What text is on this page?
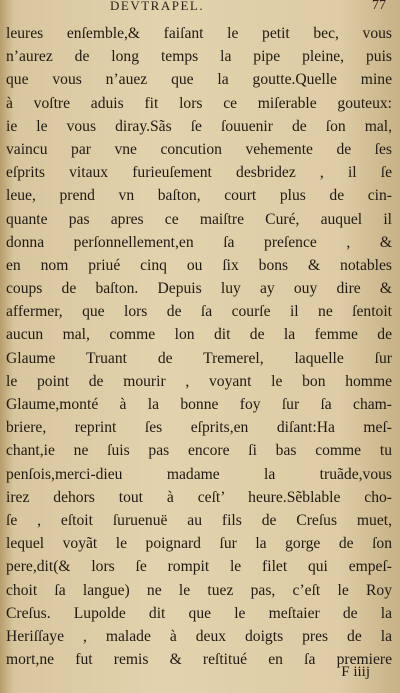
DEVTRAPEL.	77
leures enſemble,& faiſant le petit bec, vous
n’aurez de long temps la pipe pleine, puis
que vous n’auez que la goutte.Quelle mine
à voſtre aduis fit lors ce miſerable gouteux:
ie le vous diray.Sãs ſe ſouuenir de ſon mal,
vaincu par vne concution vehemente de ſes
eſprits vitaux furieuſement desbridez , il ſe
leue, prend vn baſton, court plus de cin-
quante pas apres ce maiſtre Curé, auquel il
donna perſonnellement,en ſa preſence , &
en nom priué cinq ou ſix bons & notables
coups de baſton. Depuis luy ay ouy dire &
affermer, que lors de ſa courſe il ne ſentoit
aucun mal, comme lon dit de la femme de
Glaume Truant de Tremerel, laquelle ſur
le point de mourir , voyant le bon homme
Glaume,monté à la bonne foy ſur ſa cham-
briere, reprint ſes eſprits,en diſant:Ha meſ-
chant,ie ne ſuis pas encore ſi bas comme tu
penſois,merci-dieu madame la truãde,vous
irez dehors tout à ceſt’ heure.Sẽblable cho-
ſe , eſtoit ſuruenuë au fils de Creſus muet,
lequel voyãt le poignard ſur la gorge de ſon
pere,dit(& lors ſe rompit le filet qui empeſ-
choit ſa langue) ne le tuez pas, c’eſt le Roy
Creſus. Lupolde dit que le meſtaier de la
Heriſſaye , malade à deux doigts pres de la
mort,ne fut remis & reſtitué en ſa premiere
F iiij
